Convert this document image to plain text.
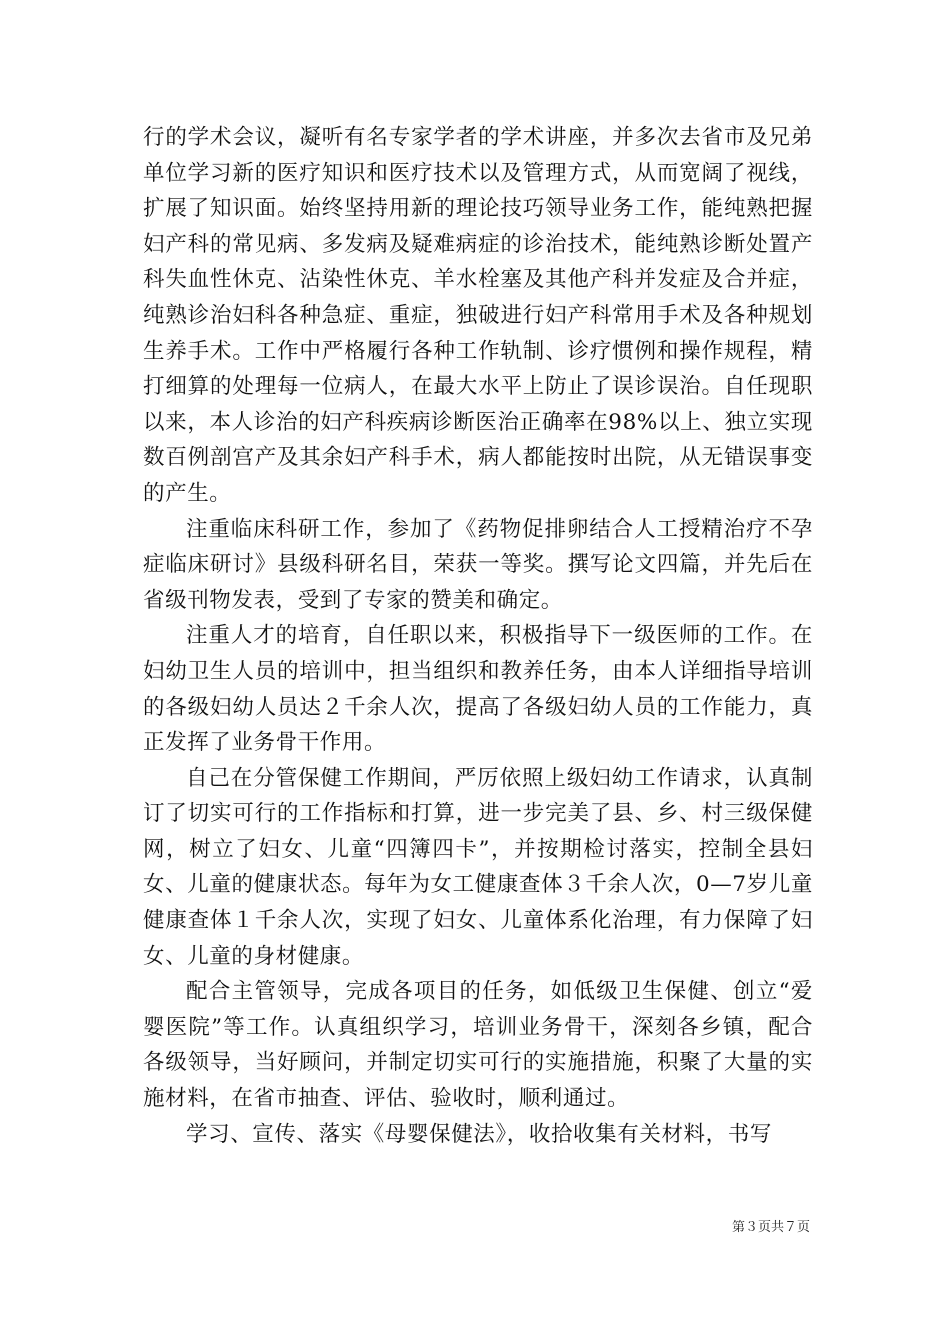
行的学术会议，凝听有名专家学者的学术讲座，并多次去省市及兄弟单位学习新的医疗知识和医疗技术以及管理方式，从而宽阔了视线，扩展了知识面。始终坚持用新的理论技巧领导业务工作，能纯熟把握妇产科的常见病、多发病及疑难病症的诊治技术，能纯熟诊断处置产科失血性休克、沾染性休克、羊水栓塞及其他产科并发症及合并症，纯熟诊治妇科各种急症、重症，独破进行妇产科常用手术及各种规划生养手术。工作中严格履行各种工作轨制、诊疗惯例和操作规程，精打细算的处理每一位病人，在最大水平上防止了误诊误治。自任现职以来，本人诊治的妇产科疾病诊断医治正确率在98%以上、独立实现数百例剖宫产及其余妇产科手术，病人都能按时出院，从无错误事变的产生。

注重临床科研工作，参加了《药物促排卵结合人工授精治疗不孕症临床研讨》县级科研名目，荣获一等奖。撰写论文四篇，并先后在省级刊物发表，受到了专家的赞美和确定。

注重人才的培育，自任职以来，积极指导下一级医师的工作。在妇幼卫生人员的培训中，担当组织和教养任务，由本人详细指导培训的各级妇幼人员达２千余人次，提高了各级妇幼人员的工作能力，真正发挥了业务骨干作用。

自己在分管保健工作期间，严厉依照上级妇幼工作请求，认真制订了切实可行的工作指标和打算，进一步完美了县、乡、村三级保健网，树立了妇女、儿童“四簿四卡”，并按期检讨落实，控制全县妇女、儿童的健康状态。每年为女工健康查体３千余人次，0—7岁儿童健康查体１千余人次，实现了妇女、儿童体系化治理，有力保障了妇女、儿童的身材健康。

配合主管领导，完成各项目的任务，如低级卫生保健、创立“爱婴医院”等工作。认真组织学习，培训业务骨干，深刻各乡镇，配合各级领导，当好顾问，并制定切实可行的实施措施，积聚了大量的实施材料，在省市抽查、评估、验收时，顺利通过。

学习、宣传、落实《母婴保健法》，收拾收集有关材料，书写

第３页共７页
